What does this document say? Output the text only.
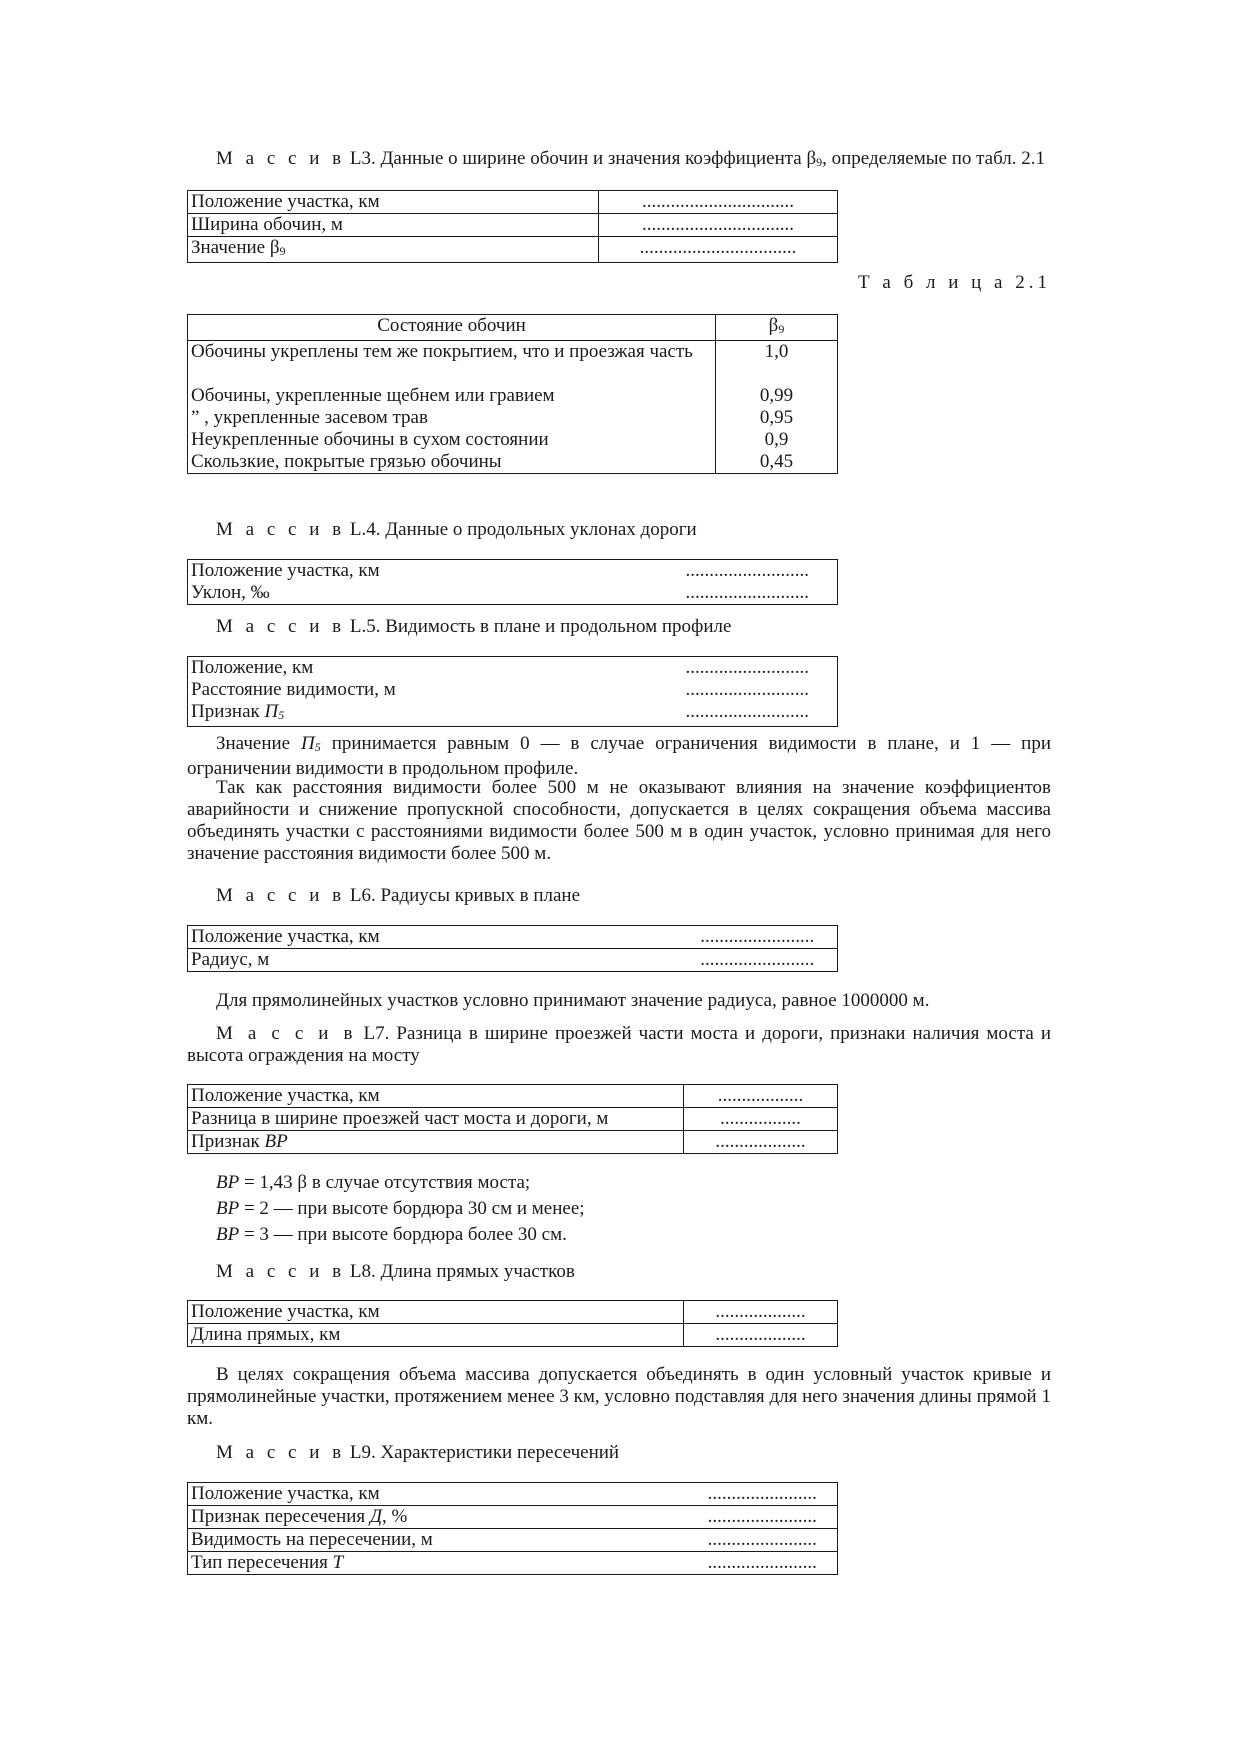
М а с с и в L3. Данные о ширине обочин и значения коэффициента β9, определяемые по табл. 2.1

Положение участка, км	................................
Ширина обочин, м	................................
Значение β9	.................................

Т а б л и ц а 2.1

Состояние обочин	β9
Обочины укреплены тем же покрытием, что и проезжая часть	1,0
Обочины, укрепленные щебнем или гравием	0,99
” , укрепленные засевом трав	0,95
Неукрепленные обочины в сухом состоянии	0,9
Скользкие, покрытые грязью обочины	0,45

М а с с и в L.4. Данные о продольных уклонах дороги

Положение участка, км	..........................
Уклон, ‰	..........................

М а с с и в L.5. Видимость в плане и продольном профиле

Положение, км	..........................
Расстояние видимости, м	..........................
Признак П5	..........................

Значение П5 принимается равным 0 — в случае ограничения видимости в плане, и 1 — при ограничении видимости в продольном профиле.

Так как расстояния видимости более 500 м не оказывают влияния на значение коэффициентов аварийности и снижение пропускной способности, допускается в целях сокращения объема массива объединять участки с расстояниями видимости более 500 м в один участок, условно принимая для него значение расстояния видимости более 500 м.

М а с с и в L6. Радиусы кривых в плане

Положение участка, км	........................
Радиус, м	........................

Для прямолинейных участков условно принимают значение радиуса, равное 1000000 м.

М а с с и в L7. Разница в ширине проезжей части моста и дороги, признаки наличия моста и высота ограждения на мосту

Положение участка, км	..................
Разница в ширине проезжей част моста и дороги, м	.................
Признак BP	...................

BP = 1,43 β в случае отсутствия моста;

BP = 2 — при высоте бордюра 30 см и менее;

BP = 3 — при высоте бордюра более 30 см.

М а с с и в L8. Длина прямых участков

Положение участка, км	...................
Длина прямых, км	...................

В целях сокращения объема массива допускается объединять в один условный участок кривые и прямолинейные участки, протяжением менее 3 км, условно подставляя для него значения длины прямой 1 км.

М а с с и в L9. Характеристики пересечений

Положение участка, км	.......................
Признак пересечения Д, %	.......................
Видимость на пересечении, м	.......................
Тип пересечения Т	.......................
